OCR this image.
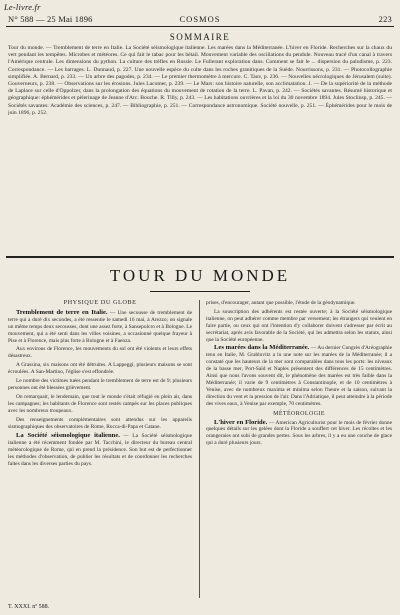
Le-livre.fr
N° 588 — 25 Mai 1896	COSMOS	223
SOMMAIRE
Tour du monde. — Tremblement de terre en Italie. La Société séismologique italienne. Les marées dans la Méditerranée. L'hiver en Floride. Recherches sur la chaux du vert pendant les tempêtes. Microbes et météores. Ce qui fait le tabac pour les bétail. Mouvement variable des oscillations du pendule. Nouveau tracé d'un canal à travers l'Amérique centrale. Les dimensions du python. La culture des trèfles en Russie. Le Fullerant exploration dans. Comment se fait le ... dispersion du paludisme, p. 223. Correspondance. — Les barrages. L. Dunnaud, p. 227. Une nouvelle espèce du culte dans les roches granitiques de la Suède. Nourrissons, p. 231. — Photocollographie simplifiée. A. Bernard, p. 233. — Un arbre des pagodes, p. 234. — Le premier thermomètre à mercure. C. Tauv, p. 236. — Nouvelles nécrologiques de Jérusalem (suite). Gouverneurs, p. 238. — Observations sur les érosions. Jules Lacomer, p. 239. — Le Mars: son histoire naturelle, son acclimatation. J. — De la supériorité de la méthode de Laplace sur celle d'Oppolzer, dans la prolongation des équations du mouvement de rotation de la terre. L. Pavan, p. 242. — Sociétés savantes. Résumé historique et géographique: éphémérides et pèlerinage de Jeanne d'Arc. Bouche. R. Tilly, p. 243. — Les habitations ouvrières et la loi du 30 novembre 1894. Jules Stoclinsp, p. 245. — Sociétés savantes: Académie des sciences, p. 247. — Bibliographie, p. 251. — Correspondance astronomique. Société nouvelle, p. 251. — Éphémérides pour le mois de juin 1896, p. 252.
TOUR DU MONDE
PHYSIQUE DU GLOBE

Tremblement de terre en Italie. — Une secousse de tremblement de terre qui a duré dix secondes, a été ressentie le samedi 16 mai, à Arezzo; on signale un même temps deux secousses, dont une assez forte, à Sansepolcro et à Bologne. Le mouvement, qui a été senti dans les villes voisines, a occasionné quelque frayeur à Pise et à Florence, mais plus forte à Bologne et à Faenza.

Aux environs de Florence, les mouvements du sol ont été violents et leurs effets désastreux.

A Grassina, six maisons ont été détruites. A Lappeggi, plusieurs maisons se sont écroulées. A San-Martino, l'église s'est effondrée.

Le nombre des victimes tuées pendant le tremblement de terre est de 9; plusieurs personnes ont été blessées grièvement.

On remarquait, le lendemain, que tout le monde s'était réfugié en plein air, dans les campagnes; les habitants de Florence sont restés campés sur les places publiques avec les nombreux troupeaux.

Des renseignements complémentaires sont attendus sur les appareils sismographiques des observatoires de Rome, Rocca-di-Papa et Catane.

La Société séismologique italienne. — La Société séismologique italienne a été récemment fondée par M. Tacchini, le directeur du bureau central météorologique de Rome, qui en prend la présidence. Son but est de perfectionner les méthodes d'observation, de publier les résultats et de coordonner les recherches faites dans les diverses parties du pays.

prises, d'encourager, autant que possible, l'étude de la géodynamique.

La souscription des adhérents est restée ouverte; à la Société séismologique italienne, on peut adhérer comme membre par versement; les étrangers qui veulent en faire partie, ou ceux qui ont l'intention d'y collaborer doivent s'adresser par écrit au secrétariat, après avis favorable de la Société, qui les admettra selon les statuts, ainsi que la Société européenne.

Les marées dans la Méditerranée. — Au dernier Congrès d'Aréographie tenu en Italie, M. Grablovitz a lu une note sur les marées de la Méditerranée; il a constaté que les hauteurs de la mer sont comparables dans tous les ports: les niveaux de la basse mer, Port-Saïd et Naples présentent des différences de 15 centimètres. Ainsi que nous l'avons souvent dit, le phénomène des marées est très faible dans la Méditerranée; il varie de 9 centimètres à Constantinople, et de 10 centimètres à Venise, avec de nombreux maxima et minima selon l'heure et la saison, suivant la direction du vent et la pression de l'air. Dans l'Adriatique, il peut atteindre à la période des vives eaux, à Venise par exemple, 70 centimètres.

MÉTÉOROLOGIE

L'hiver en Floride. — American Agriculturist pour le mois de février donne quelques détails sur les gelées dont la Floride a souffert cet hiver. Les récoltes et les orangeraies ont subi de grandes pertes. Sous les arbres, il y a eu une couche de glace qui a duré plusieurs jours.

T. XXXI. nº 588.
